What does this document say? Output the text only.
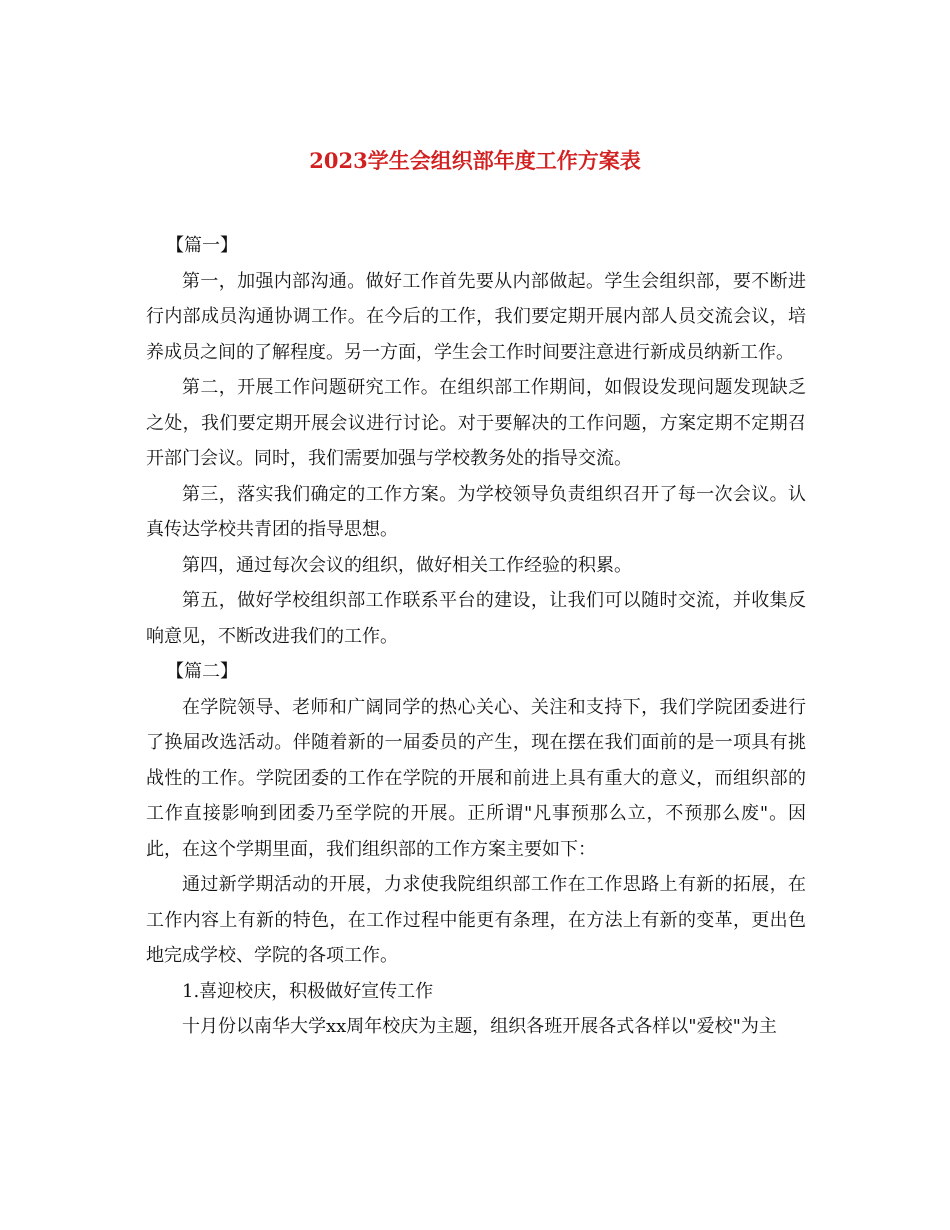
2023学生会组织部年度工作方案表

【篇一】

第一，加强内部沟通。做好工作首先要从内部做起。学生会组织部，要不断进行内部成员沟通协调工作。在今后的工作，我们要定期开展内部人员交流会议，培养成员之间的了解程度。另一方面，学生会工作时间要注意进行新成员纳新工作。

第二，开展工作问题研究工作。在组织部工作期间，如假设发现问题发现缺乏之处，我们要定期开展会议进行讨论。对于要解决的工作问题，方案定期不定期召开部门会议。同时，我们需要加强与学校教务处的指导交流。

第三，落实我们确定的工作方案。为学校领导负责组织召开了每一次会议。认真传达学校共青团的指导思想。

第四，通过每次会议的组织，做好相关工作经验的积累。

第五，做好学校组织部工作联系平台的建设，让我们可以随时交流，并收集反响意见，不断改进我们的工作。

【篇二】

在学院领导、老师和广阔同学的热心关心、关注和支持下，我们学院团委进行了换届改选活动。伴随着新的一届委员的产生，现在摆在我们面前的是一项具有挑战性的工作。学院团委的工作在学院的开展和前进上具有重大的意义，而组织部的工作直接影响到团委乃至学院的开展。正所谓"凡事预那么立，不预那么废"。因此，在这个学期里面，我们组织部的工作方案主要如下：

通过新学期活动的开展，力求使我院组织部工作在工作思路上有新的拓展，在工作内容上有新的特色，在工作过程中能更有条理，在方法上有新的变革，更出色地完成学校、学院的各项工作。

1.喜迎校庆，积极做好宣传工作

十月份以南华大学xx周年校庆为主题，组织各班开展各式各样以"爱校"为主
